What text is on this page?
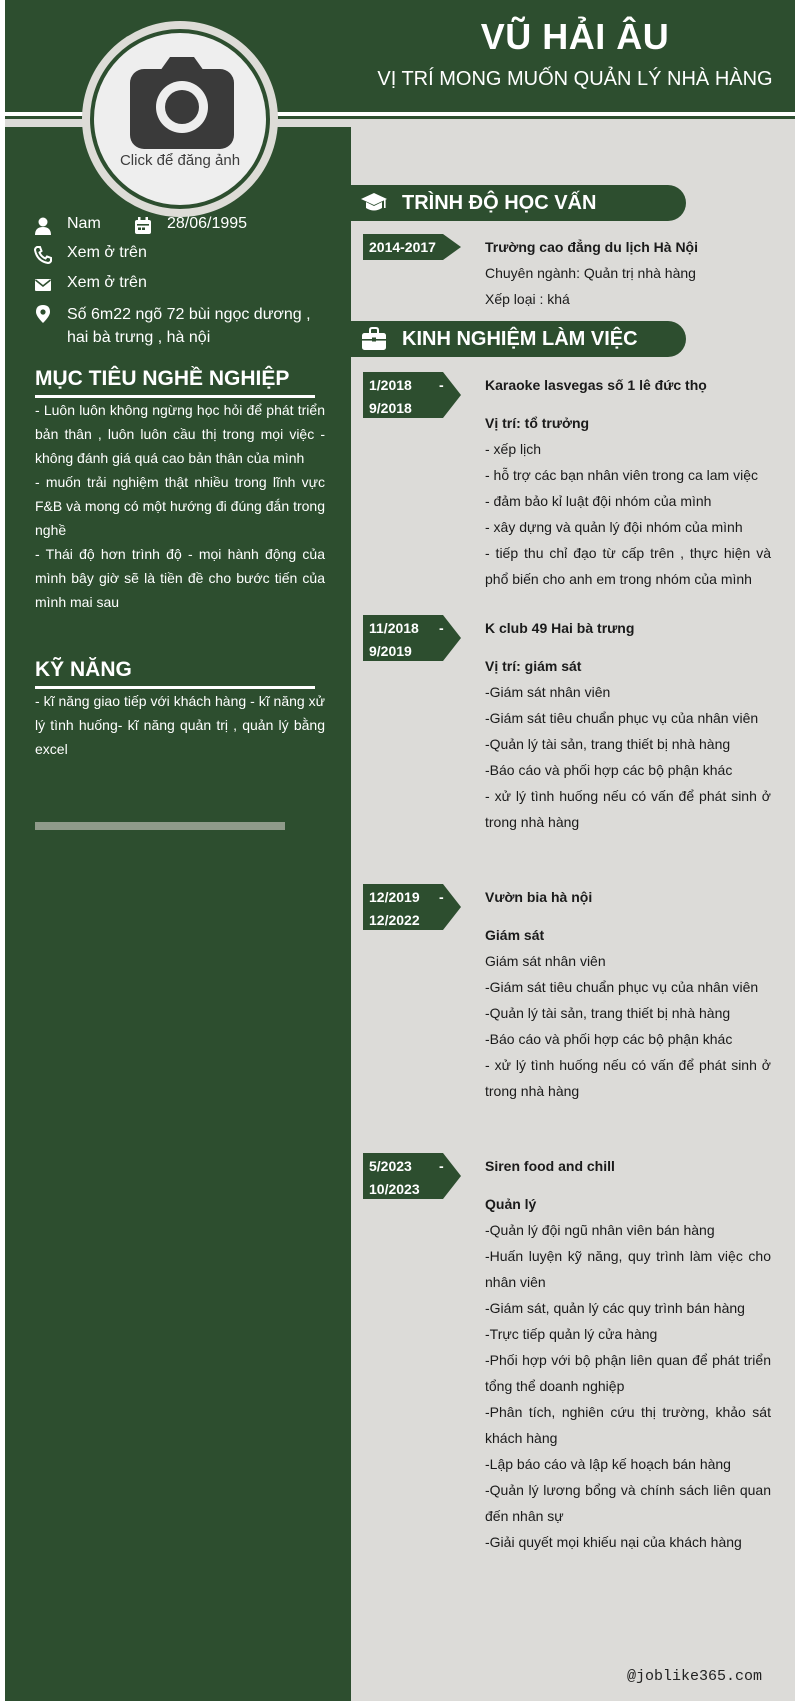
VŨ HẢI ÂU
VỊ TRÍ MONG MUỐN QUẢN LÝ NHÀ HÀNG
Nam	28/06/1995
Xem ở trên
Xem ở trên
Số 6m22 ngõ 72 bùi ngọc dương , hai bà trưng , hà nội
MỤC TIÊU NGHỀ NGHIỆP
- Luôn luôn không ngừng học hỏi để phát triển bản thân , luôn luôn cầu thị trong mọi việc - không đánh giá quá cao bản thân của mình
- muốn trải nghiệm thật nhiều trong lĩnh vực F&B và mong có một hướng đi đúng đắn trong nghề
- Thái độ hơn trình độ - mọi hành động của mình bây giờ sẽ là tiền đề cho bước tiến của mình mai sau
KỸ NĂNG
- kĩ năng giao tiếp với khách hàng - kĩ năng xử lý tình huống- kĩ năng quản trị , quản lý bằng excel
Click để đăng ảnh
TRÌNH ĐỘ HỌC VẤN
2014-2017	Trường cao đẳng du lịch Hà Nội
Chuyên ngành: Quản trị nhà hàng
Xếp loại : khá
KINH NGHIỆM LÀM VIỆC
1/2018 -

9/2018
Karaoke lasvegas số 1 lê đức thọ
Vị trí: tổ trưởng
- xếp lịch
- hỗ trợ các bạn nhân viên trong ca lam việc
- đảm bảo kỉ luật đội nhóm của mình
- xây dựng và quản lý đội nhóm của mình
- tiếp thu chỉ đạo từ cấp trên , thực hiện và phổ biến cho anh em trong nhóm của mình
11/2018 -

9/2019
K club 49 Hai bà trưng
Vị trí: giám sát
-Giám sát nhân viên
-Giám sát tiêu chuẩn phục vụ của nhân viên
-Quản lý tài sản, trang thiết bị nhà hàng
-Báo cáo và phối hợp các bộ phận khác
- xử lý tình huống nếu có vấn để phát sinh ở trong nhà hàng
12/2019 -

12/2022
Vườn bia hà nội
Giám sát
Giám sát nhân viên
-Giám sát tiêu chuẩn phục vụ của nhân viên
-Quản lý tài sản, trang thiết bị nhà hàng
-Báo cáo và phối hợp các bộ phận khác
- xử lý tình huống nếu có vấn để phát sinh ở trong nhà hàng
5/2023 -

10/2023
Siren food and chill
Quản lý
-Quản lý đội ngũ nhân viên bán hàng
-Huấn luyện kỹ năng, quy trình làm việc cho nhân viên
-Giám sát, quản lý các quy trình bán hàng
-Trực tiếp quản lý cửa hàng
-Phối hợp với bộ phận liên quan để phát triển tổng thể doanh nghiệp
-Phân tích, nghiên cứu thị trường, khảo sát khách hàng
-Lập báo cáo và lập kế hoạch bán hàng
-Quản lý lương bổng và chính sách liên quan đến nhân sự
-Giải quyết mọi khiếu nại của khách hàng
@joblike365.com
